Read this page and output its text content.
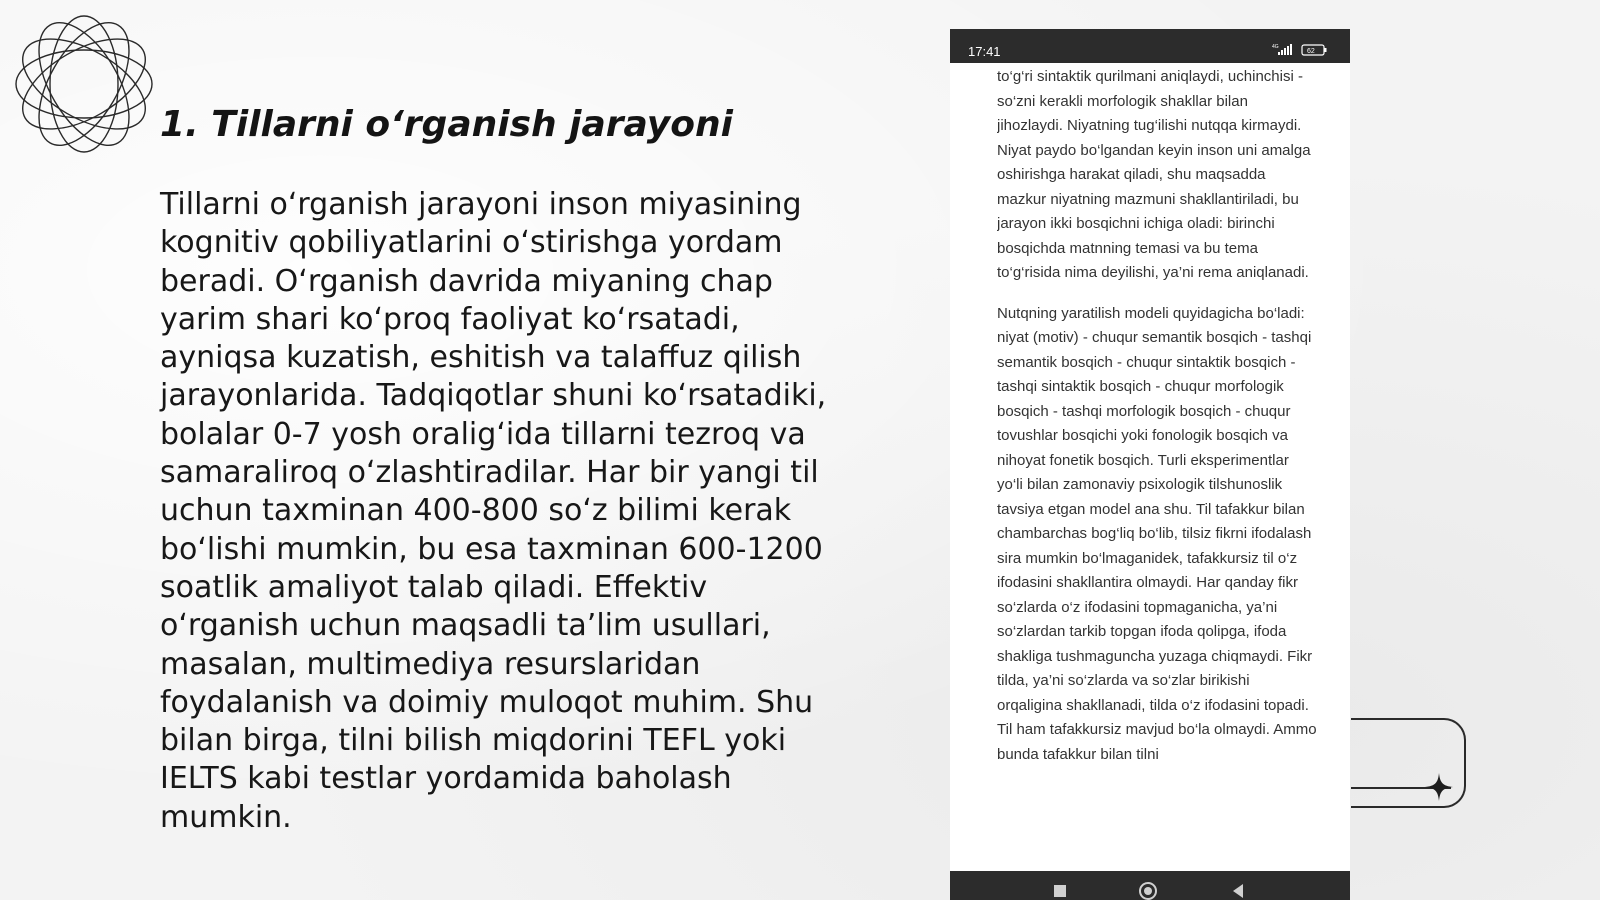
1. Tillarni o‘rganish jarayoni

Tillarni o‘rganish jarayoni inson miyasining kognitiv qobiliyatlarini o‘stirishga yordam beradi. O‘rganish davrida miyaning chap yarim shari ko‘proq faoliyat ko‘rsatadi, ayniqsa kuzatish, eshitish va talaffuz qilish jarayonlarida. Tadqiqotlar shuni ko‘rsatadiki, bolalar 0-7 yosh oralig‘ida tillarni tezroq va samaraliroq o‘zlashtiradilar. Har bir yangi til uchun taxminan 400-800 so‘z bilimi kerak bo‘lishi mumkin, bu esa taxminan 600-1200 soatlik amaliyot talab qiladi. Effektiv o‘rganish uchun maqsadli ta’lim usullari, masalan, multimediya resurslaridan foydalanish va doimiy muloqot muhim. Shu bilan birga, tilni bilish miqdorini TEFL yoki IELTS kabi testlar yordamida baholash mumkin.

17:41	4G
62

to‘g‘ri sintaktik qurilmani aniqlaydi, uchinchisi - so‘zni kerakli morfologik shakllar bilan jihozlaydi. Niyatning tug‘ilishi nutqqa kirmaydi. Niyat paydo bo‘lgandan keyin inson uni amalga oshirishga harakat qiladi, shu maqsadda mazkur niyatning mazmuni shakllantiriladi, bu jarayon ikki bosqichni ichiga oladi: birinchi bosqichda matnning temasi va bu tema to‘g‘risida nima deyilishi, ya’ni rema aniqlanadi.

Nutqning yaratilish modeli quyidagicha bo‘ladi: niyat (motiv) - chuqur semantik bosqich - tashqi semantik bosqich - chuqur sintaktik bosqich - tashqi sintaktik bosqich - chuqur morfologik bosqich - tashqi morfologik bosqich - chuqur tovushlar bosqichi yoki fonologik bosqich va nihoyat fonetik bosqich. Turli eksperimentlar yo‘li bilan zamonaviy psixologik tilshunoslik tavsiya etgan model ana shu. Til tafakkur bilan chambarchas bog‘liq bo‘lib, tilsiz fikrni ifodalash sira mumkin bo‘lmaganidek, tafakkursiz til o‘z ifodasini shakllantira olmaydi. Har qanday fikr so‘zlarda o‘z ifodasini topmaganicha, ya’ni so‘zlardan tarkib topgan ifoda qolipga, ifoda shakliga tushmaguncha yuzaga chiqmaydi. Fikr tilda, ya’ni so‘zlarda va so‘zlar birikishi orqaligina shakllanadi, tilda o‘z ifodasini topadi. Til ham tafakkursiz mavjud bo‘la olmaydi. Ammo bunda tafakkur bilan tilni
